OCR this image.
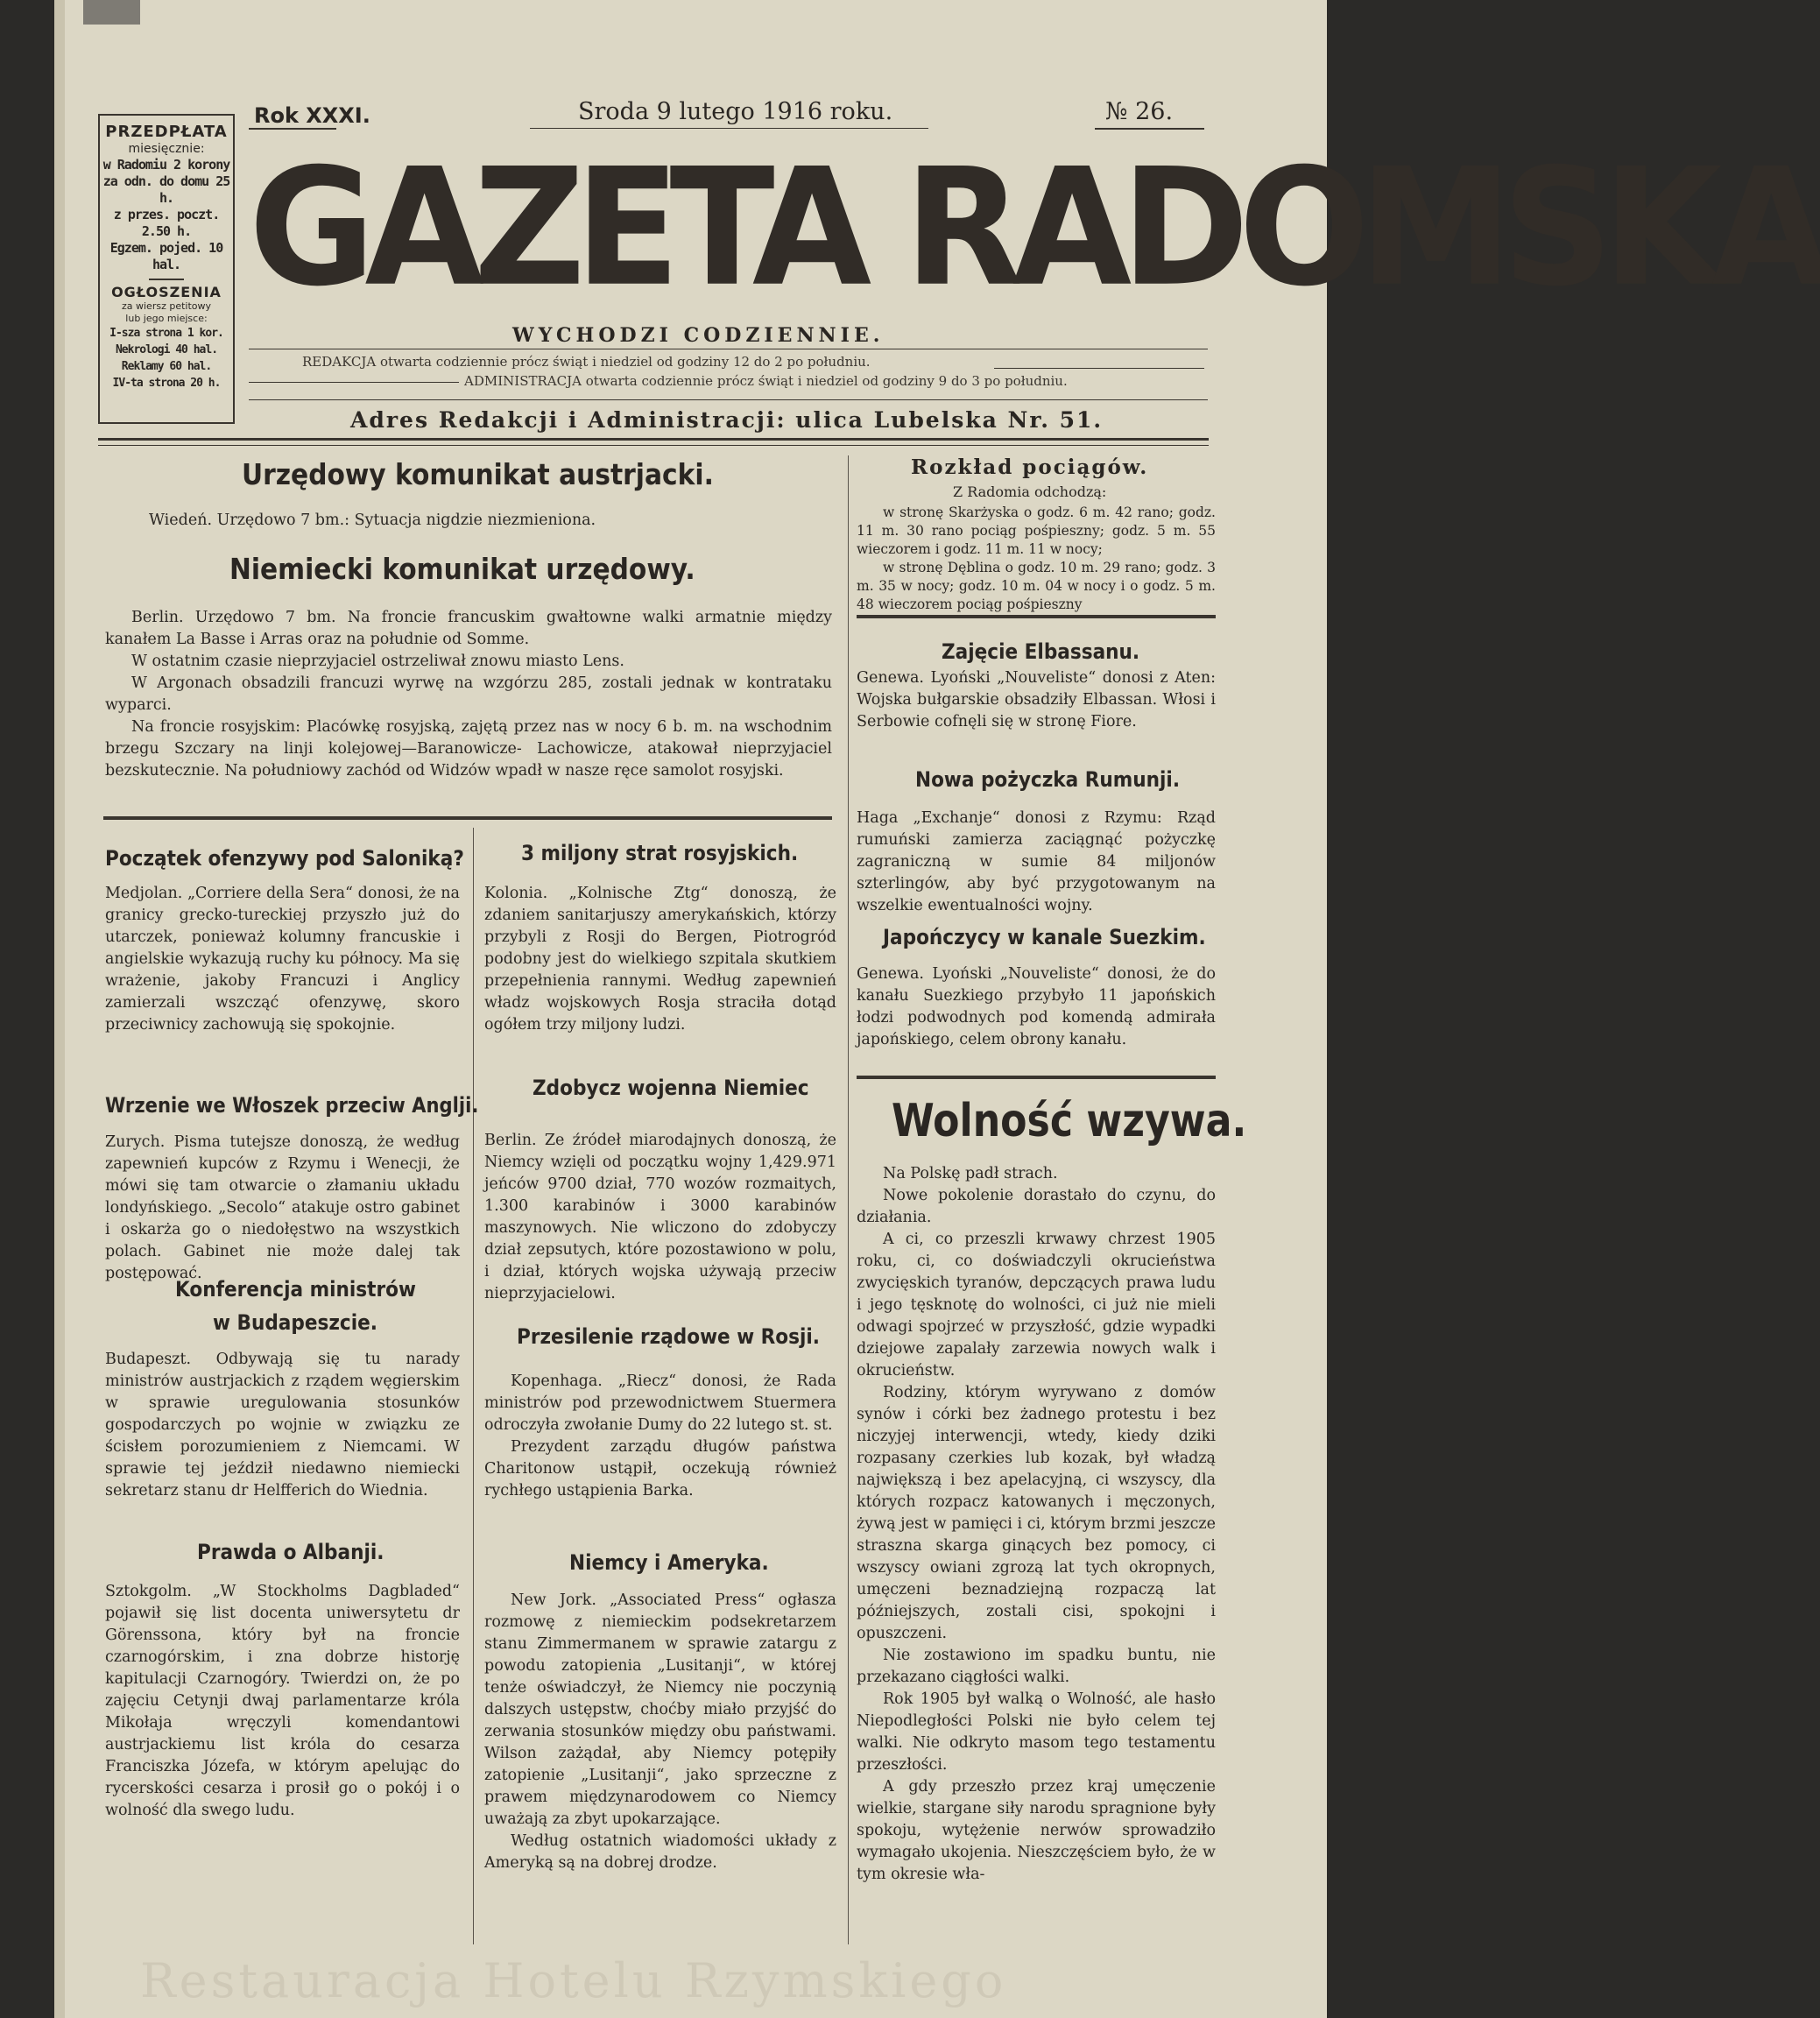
Restauracja Hotelu Rzymskiego
PRZEDPŁATA
miesięcznie:
w Radomiu 2 korony
za odn. do domu 25 h.
z przes. poczt. 2.50 h.
Egzem. pojed. 10 hal.
OGŁOSZENIA
za wiersz petitowy
lub jego miejsce:
I-sza strona 1 kor.
Nekrologi 40 hal.
Reklamy 60 hal.
IV-ta strona 20 h.
Rok XXXI.	Sroda 9 lutego 1916 roku.	№ 26.
GAZETA RADOMSKA
WYCHODZI CODZIENNIE.
REDAKCJA otwarta codziennie prócz świąt i niedziel od godziny 12 do 2 po południu.
ADMINISTRACJA otwarta codziennie prócz świąt i niedziel od godziny 9 do 3 po południu.
Adres Redakcji i Administracji: ulica Lubelska Nr. 51.
Urzędowy komunikat austrjacki.
Wiedeń. Urzędowo 7 bm.: Sytuacja nigdzie niezmieniona.
Niemiecki komunikat urzędowy.

Berlin. Urzędowo 7 bm. Na froncie francuskim gwałtowne walki armatnie między kanałem La Basse i Arras oraz na południe od Somme.

W ostatnim czasie nieprzyjaciel ostrzeliwał znowu miasto Lens.

W Argonach obsadzili francuzi wyrwę na wzgórzu 285, zostali jednak w kontrataku wyparci.

Na froncie rosyjskim: Placówkę rosyjską, zajętą przez nas w nocy 6 b. m. na wschodnim brzegu Szczary na linji kolejowej—Baranowicze- Lachowicze, atakował nieprzyjaciel bezskutecznie. Na południowy zachód od Widzów wpadł w nasze ręce samolot rosyjski.

Rozkład pociągów.
Z Radomia odchodzą:

w stronę Skarżyska o godz. 6 m. 42 rano; godz. 11 m. 30 rano pociąg pośpieszny; godz. 5 m. 55 wieczorem i godz. 11 m. 11 w nocy;

w stronę Dęblina o godz. 10 m. 29 rano; godz. 3 m. 35 w nocy; godz. 10 m. 04 w nocy i o godz. 5 m. 48 wieczorem pociąg pośpieszny

Zajęcie Elbassanu.
Genewa. Lyoński „Nouveliste“ donosi z Aten: Wojska bułgarskie obsadziły Elbassan. Włosi i Serbowie cofnęli się w stronę Fiore.
Nowa pożyczka Rumunji.
Haga „Exchanje“ donosi z Rzymu: Rząd rumuński zamierza zaciągnąć pożyczkę zagraniczną w sumie 84 miljonów szterlingów, aby być przygotowanym na wszelkie ewentualności wojny.
Japończycy w kanale Suezkim.
Genewa. Lyoński „Nouveliste“ donosi, że do kanału Suezkiego przybyło 11 japońskich łodzi podwodnych pod komendą admirała japońskiego, celem obrony kanału.
Wolność wzywa.

Na Polskę padł strach.

Nowe pokolenie dorastało do czynu, do działania.

A ci, co przeszli krwawy chrzest 1905 roku, ci, co doświadczyli okrucieństwa zwycięskich tyranów, depczących prawa ludu i jego tęsknotę do wolności, ci już nie mieli odwagi spojrzeć w przyszłość, gdzie wypadki dziejowe zapalały zarzewia nowych walk i okrucieństw.

Rodziny, którym wyrywano z domów synów i córki bez żadnego protestu i bez niczyjej interwencji, wtedy, kiedy dziki rozpasany czerkies lub kozak, był władzą największą i bez apelacyjną, ci wszyscy, dla których rozpacz katowanych i męczonych, żywą jest w pamięci i ci, którym brzmi jeszcze straszna skarga ginących bez pomocy, ci wszyscy owiani zgrozą lat tych okropnych, umęczeni beznadziejną rozpaczą lat późniejszych, zostali cisi, spokojni i opuszczeni.

Nie zostawiono im spadku buntu, nie przekazano ciągłości walki.

Rok 1905 był walką o Wolność, ale hasło Niepodległości Polski nie było celem tej walki. Nie odkryto masom tego testamentu przeszłości.

A gdy przeszło przez kraj umęczenie wielkie, stargane siły narodu spragnione były spokoju, wytężenie nerwów sprowadziło wymagało ukojenia. Nieszczęściem było, że w tym okresie wła-

Początek ofenzywy pod Saloniką?
Medjolan. „Corriere della Sera“ donosi, że na granicy grecko-tureckiej przyszło już do utarczek, ponieważ kolumny francuskie i angielskie wykazują ruchy ku północy. Ma się wrażenie, jakoby Francuzi i Anglicy zamierzali wszcząć ofenzywę, skoro przeciwnicy zachowują się spokojnie.
Wrzenie we Włoszek przeciw Anglji.
Zurych. Pisma tutejsze donoszą, że według zapewnień kupców z Rzymu i Wenecji, że mówi się tam otwarcie o złamaniu układu londyńskiego. „Secolo“ atakuje ostro gabinet i oskarża go o niedołęstwo na wszystkich polach. Gabinet nie może dalej tak postępować.
Konferencja ministrów
w Budapeszcie.
Budapeszt. Odbywają się tu narady ministrów austrjackich z rządem węgierskim w sprawie uregulowania stosunków gospodarczych po wojnie w związku ze ścisłem porozumieniem z Niemcami. W sprawie tej jeździł niedawno niemiecki sekretarz stanu dr Helfferich do Wiednia.
Prawda o Albanji.
Sztokgolm. „W Stockholms Dagbladed“ pojawił się list docenta uniwersytetu dr Görenssona, który był na froncie czarnogórskim, i zna dobrze historję kapitulacji Czarnogóry. Twierdzi on, że po zajęciu Cetynji dwaj parlamentarze króla Mikołaja wręczyli komendantowi austrjackiemu list króla do cesarza Franciszka Józefa, w którym apelując do rycerskości cesarza i prosił go o pokój i o wolność dla swego ludu.
3 miljony strat rosyjskich.
Kolonia. „Kolnische Ztg“ donoszą, że zdaniem sanitarjuszy amerykańskich, którzy przybyli z Rosji do Bergen, Piotrogród podobny jest do wielkiego szpitala skutkiem przepełnienia rannymi. Według zapewnień władz wojskowych Rosja straciła dotąd ogółem trzy miljony ludzi.
Zdobycz wojenna Niemiec
Berlin. Ze źródeł miarodajnych donoszą, że Niemcy wzięli od początku wojny 1,429.971 jeńców 9700 dział, 770 wozów rozmaitych, 1.300 karabinów i 3000 karabinów maszynowych. Nie wliczono do zdobyczy dział zepsutych, które pozostawiono w polu, i dział, których wojska używają przeciw nieprzyjacielowi.
Przesilenie rządowe w Rosji.

Kopenhaga. „Riecz“ donosi, że Rada ministrów pod przewodnictwem Stuermera odroczyła zwołanie Dumy do 22 lutego st. st.

Prezydent zarządu długów państwa Charitonow ustąpił, oczekują również rychłego ustąpienia Barka.

Niemcy i Ameryka.

New Jork. „Associated Press“ ogłasza rozmowę z niemieckim podsekretarzem stanu Zimmermanem w sprawie zatargu z powodu zatopienia „Lusitanji“, w której tenże oświadczył, że Niemcy nie poczynią dalszych ustępstw, choćby miało przyjść do zerwania stosunków między obu państwami. Wilson zażądał, aby Niemcy potępiły zatopienie „Lusitanji“, jako sprzeczne z prawem międzynarodowem co Niemcy uważają za zbyt upokarzające.

Według ostatnich wiadomości układy z Ameryką są na dobrej drodze.
